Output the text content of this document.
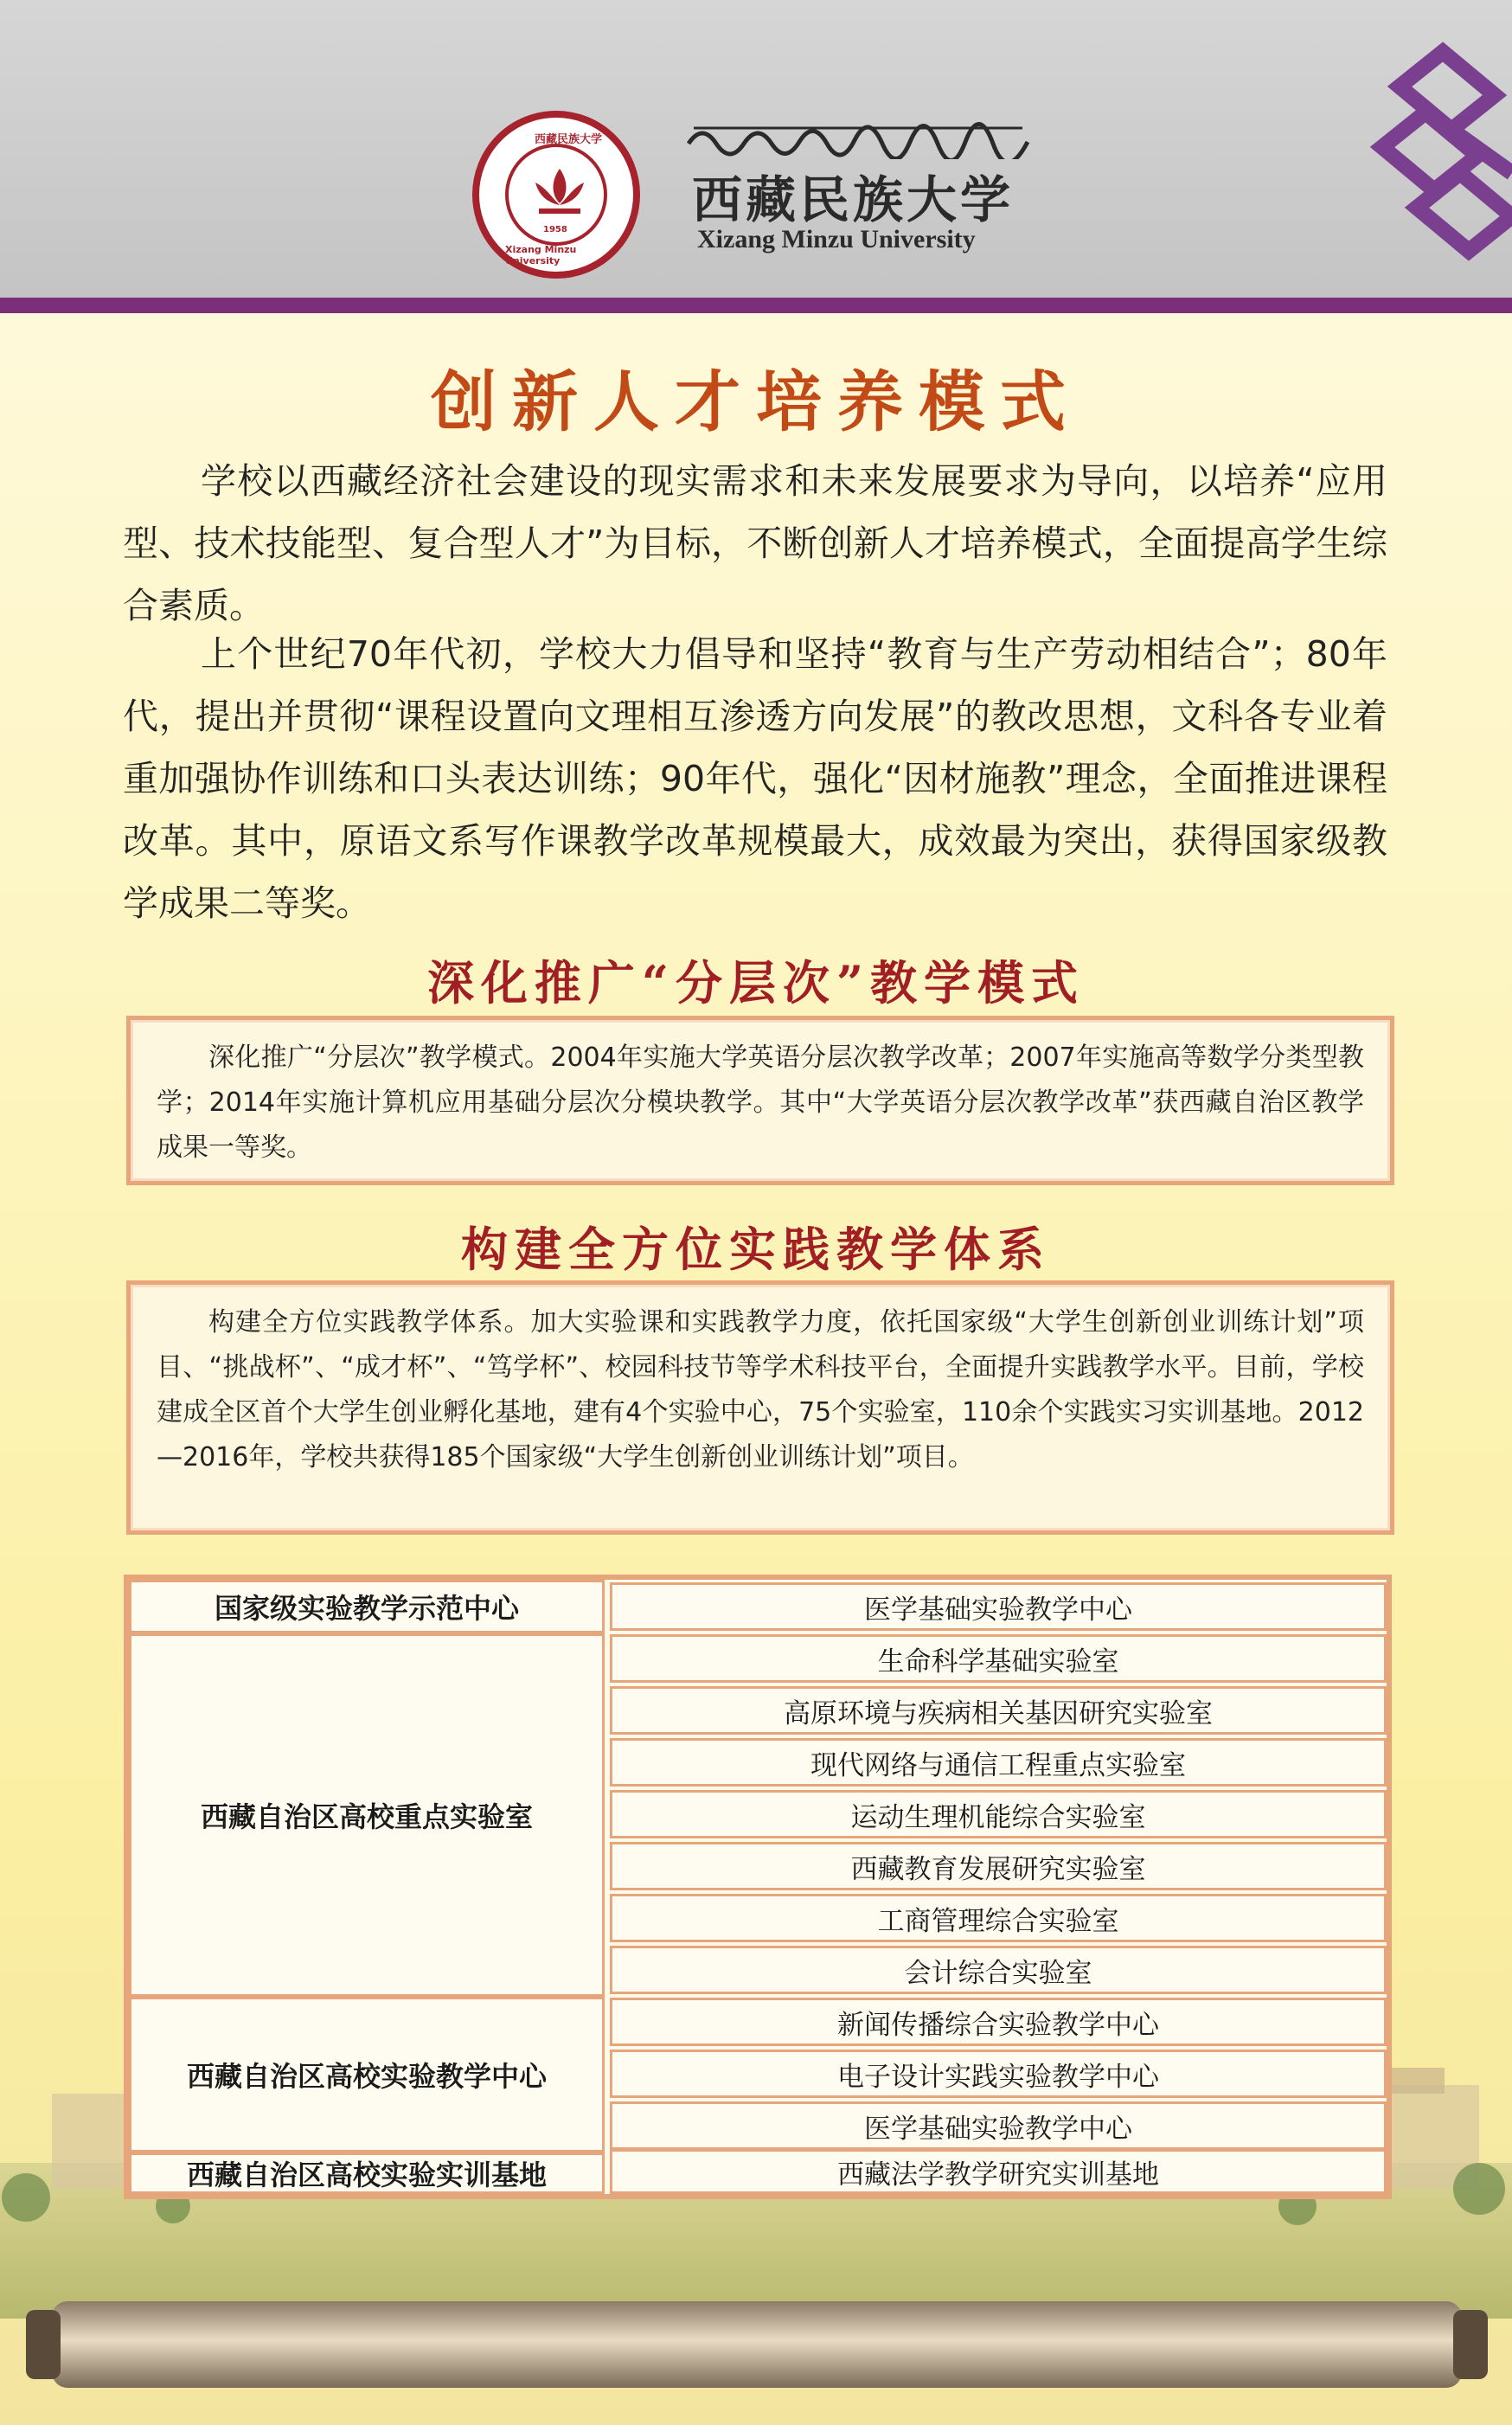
西藏民族大学
Xizang Minzu University
1958
西藏民族大学
Xizang Minzu University
创新人才培养模式
学校以西藏经济社会建设的现实需求和未来发展要求为导向，以培养“应用型、技术技能型、复合型人才”为目标，不断创新人才培养模式，全面提高学生综合素质。
上个世纪70年代初，学校大力倡导和坚持“教育与生产劳动相结合”；80年代，提出并贯彻“课程设置向文理相互渗透方向发展”的教改思想，文科各专业着重加强协作训练和口头表达训练；90年代，强化“因材施教”理念，全面推进课程改革。其中，原语文系写作课教学改革规模最大，成效最为突出，获得国家级教学成果二等奖。
深化推广“分层次”教学模式
深化推广“分层次”教学模式。2004年实施大学英语分层次教学改革；2007年实施高等数学分类型教学；2014年实施计算机应用基础分层次分模块教学。其中“大学英语分层次教学改革”获西藏自治区教学成果一等奖。
构建全方位实践教学体系
构建全方位实践教学体系。加大实验课和实践教学力度，依托国家级“大学生创新创业训练计划”项目、“挑战杯”、“成才杯”、“笃学杯”、校园科技节等学术科技平台，全面提升实践教学水平。目前，学校建成全区首个大学生创业孵化基地，建有4个实验中心，75个实验室，110余个实践实习实训基地。2012—2016年，学校共获得185个国家级“大学生创新创业训练计划”项目。
国家级实验教学示范中心	医学基础实验教学中心
西藏自治区高校重点实验室
生命科学基础实验室
高原环境与疾病相关基因研究实验室
现代网络与通信工程重点实验室
运动生理机能综合实验室
西藏教育发展研究实验室
工商管理综合实验室
会计综合实验室
西藏自治区高校实验教学中心
新闻传播综合实验教学中心
电子设计实践实验教学中心
医学基础实验教学中心
西藏自治区高校实验实训基地	西藏法学教学研究实训基地
